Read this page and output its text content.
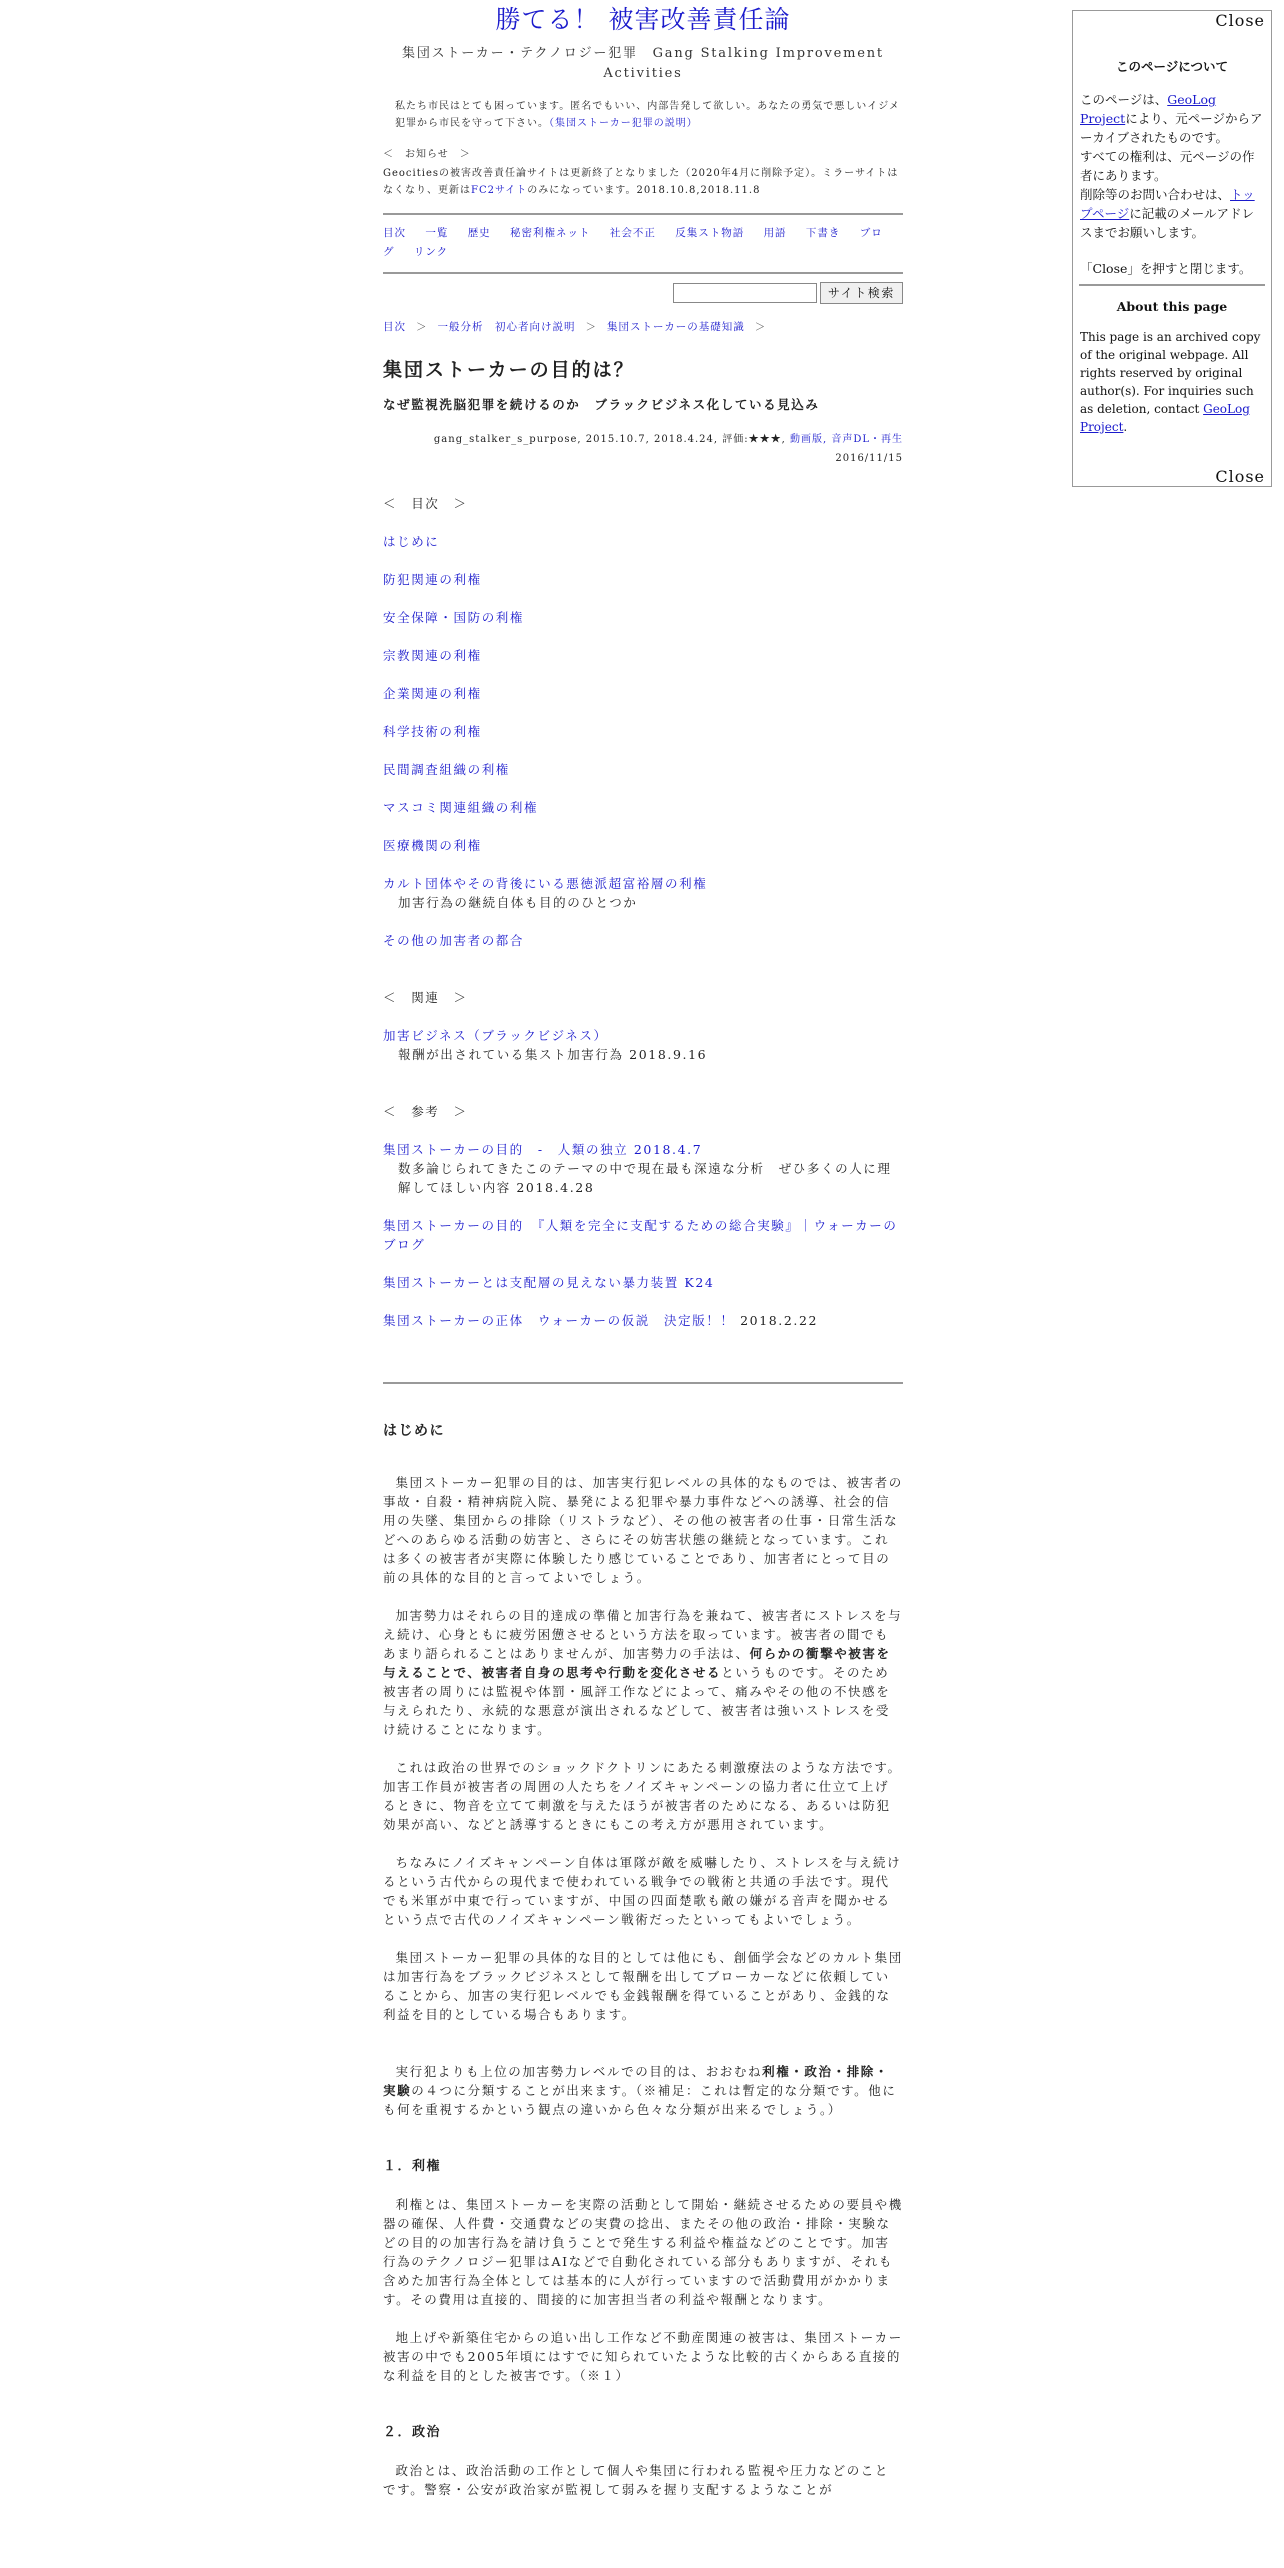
勝てる！ 被害改善責任論
集団ストーカー・テクノロジー犯罪　Gang Stalking Improvement Activities
私たち市民はとても困っています。匿名でもいい、内部告発して欲しい。あなたの勇気で悪しいイジメ犯罪から市民を守って下さい。（集団ストーカー犯罪の説明）
＜　お知らせ　＞
Geocitiesの被害改善責任論サイトは更新終了となりました（2020年4月に削除予定）。ミラーサイトはなくなり、更新はFC2サイトのみになっています。2018.10.8,2018.11.8
目次 一覧 歴史 秘密利権ネット 社会不正 反集スト物語 用語 下書き ブログ リンク
サイト検索
目次 ＞ 一般分析　初心者向け説明 ＞ 集団ストーカーの基礎知識 ＞
集団ストーカーの目的は？
なぜ監視洗脳犯罪を続けるのか　ブラックビジネス化している見込み
gang_stalker_s_purpose, 2015.10.7, 2018.4.24, 評価:★★★, 動画版, 音声DL・再生
2016/11/15
＜　目次　＞
はじめに
防犯関連の利権
安全保障・国防の利権
宗教関連の利権
企業関連の利権
科学技術の利権
民間調査組織の利権
マスコミ関連組織の利権
医療機関の利権
カルト団体やその背後にいる悪徳派超富裕層の利権
加害行為の継続自体も目的のひとつか
その他の加害者の都合
＜　関連　＞
加害ビジネス（ブラックビジネス）
報酬が出されている集スト加害行為 2018.9.16
＜　参考　＞
集団ストーカーの目的　-　人類の独立 2018.4.7
数多論じられてきたこのテーマの中で現在最も深遠な分析　ぜひ多くの人に理解してほしい内容 2018.4.28
集団ストーカーの目的　『人類を完全に支配するための総合実験』｜ウォーカーのブログ
集団ストーカーとは支配層の見えない暴力装置 K24
集団ストーカーの正体　ウォーカーの仮説　決定版！！ 2018.2.22
はじめに

集団ストーカー犯罪の目的は、加害実行犯レベルの具体的なものでは、被害者の事故・自殺・精神病院入院、暴発による犯罪や暴力事件などへの誘導、社会的信用の失墜、集団からの排除（リストラなど）、その他の被害者の仕事・日常生活などへのあらゆる活動の妨害と、さらにその妨害状態の継続となっています。これは多くの被害者が実際に体験したり感じていることであり、加害者にとって目の前の具体的な目的と言ってよいでしょう。

加害勢力はそれらの目的達成の準備と加害行為を兼ねて、被害者にストレスを与え続け、心身ともに疲労困憊させるという方法を取っています。被害者の間でもあまり語られることはありませんが、加害勢力の手法は、何らかの衝撃や被害を与えることで、被害者自身の思考や行動を変化させるというものです。そのため被害者の周りには監視や体罰・風評工作などによって、痛みやその他の不快感を与えられたり、永続的な悪意が演出されるなどして、被害者は強いストレスを受け続けることになります。

これは政治の世界でのショックドクトリンにあたる刺激療法のような方法です。加害工作員が被害者の周囲の人たちをノイズキャンペーンの協力者に仕立て上げるときに、物音を立てて刺激を与えたほうが被害者のためになる、あるいは防犯効果が高い、などと誘導するときにもこの考え方が悪用されています。

ちなみにノイズキャンペーン自体は軍隊が敵を威嚇したり、ストレスを与え続けるという古代からの現代まで使われている戦争での戦術と共通の手法です。現代でも米軍が中東で行っていますが、中国の四面楚歌も敵の嫌がる音声を聞かせるという点で古代のノイズキャンペーン戦術だったといってもよいでしょう。

集団ストーカー犯罪の具体的な目的としては他にも、創価学会などのカルト集団は加害行為をブラックビジネスとして報酬を出してブローカーなどに依頼していることから、加害の実行犯レベルでも金銭報酬を得ていることがあり、金銭的な利益を目的としている場合もあります。

実行犯よりも上位の加害勢力レベルでの目的は、おおむね利権・政治・排除・実験の４つに分類することが出来ます。（※補足：これは暫定的な分類です。他にも何を重視するかという観点の違いから色々な分類が出来るでしょう。）

１．利権

利権とは、集団ストーカーを実際の活動として開始・継続させるための要員や機器の確保、人件費・交通費などの実費の捻出、またその他の政治・排除・実験などの目的の加害行為を請け負うことで発生する利益や権益などのことです。加害行為のテクノロジー犯罪はAIなどで自動化されている部分もありますが、それも含めた加害行為全体としては基本的に人が行っていますので活動費用がかかります。その費用は直接的、間接的に加害担当者の利益や報酬となります。

地上げや新築住宅からの追い出し工作など不動産関連の被害は、集団ストーカー被害の中でも2005年頃にはすでに知られていたような比較的古くからある直接的な利益を目的とした被害です。（※１）

２．政治

政治とは、政治活動の工作として個人や集団に行われる監視や圧力などのことです。警察・公安が政治家が監視して弱みを握り支配するようなことが

Close
このページについて
このページは、GeoLog Projectにより、元ページからアーカイブされたものです。
すべての権利は、元ページの作者にあります。
削除等のお問い合わせは、トップページに記載のメールアドレスまでお願いします。
「Close」を押すと閉じます。
About this page
This page is an archived copy of the original webpage. All rights reserved by original author(s). For inquiries such as deletion, contact GeoLog Project.
Close
